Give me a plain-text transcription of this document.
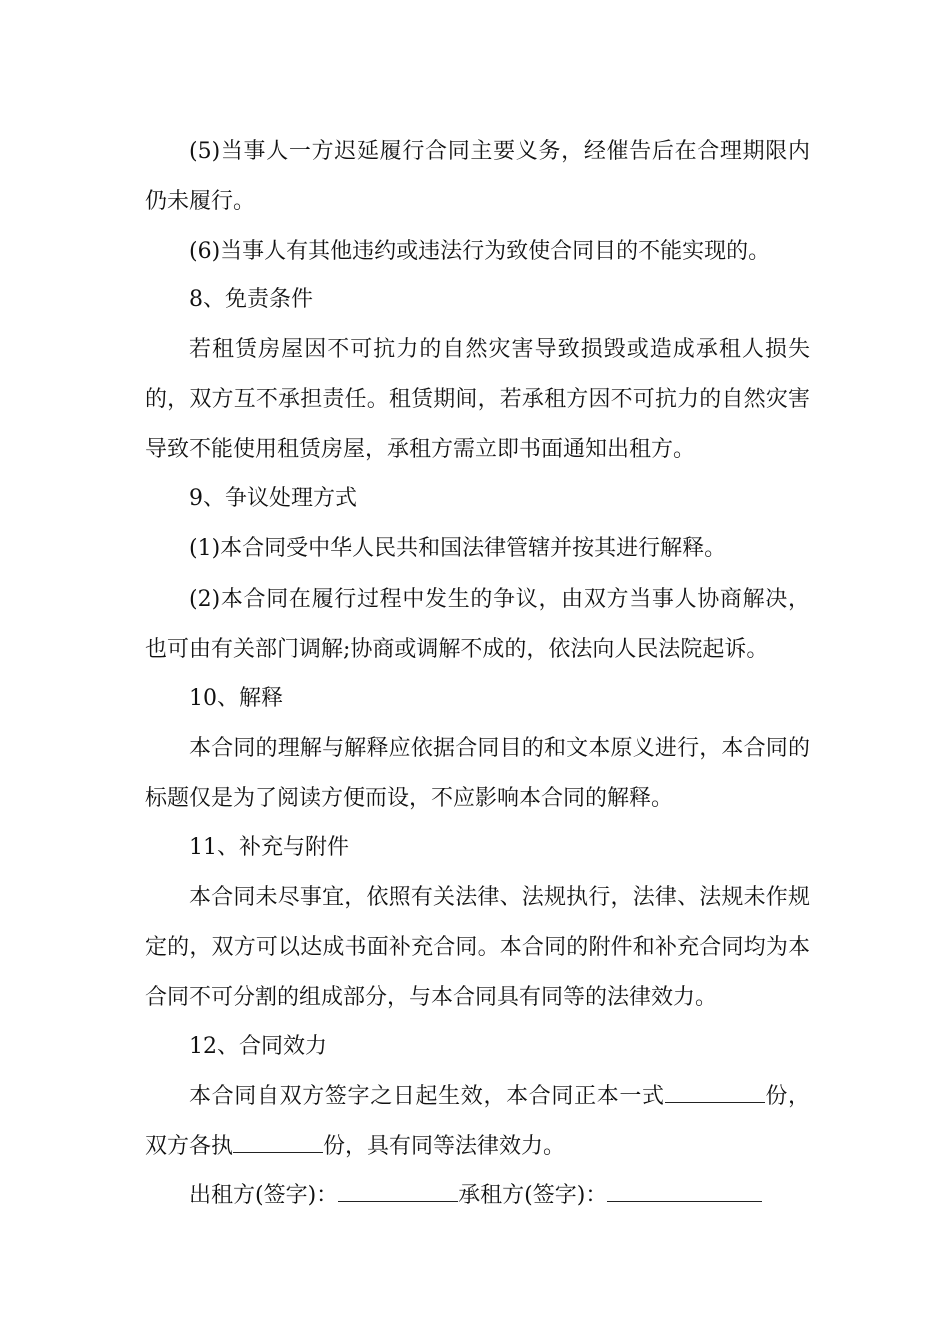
(5)当事人一方迟延履行合同主要义务，经催告后在合理期限内仍未履行。

(6)当事人有其他违约或违法行为致使合同目的不能实现的。

8、免责条件

若租赁房屋因不可抗力的自然灾害导致损毁或造成承租人损失的，双方互不承担责任。租赁期间，若承租方因不可抗力的自然灾害导致不能使用租赁房屋，承租方需立即书面通知出租方。

9、争议处理方式

(1)本合同受中华人民共和国法律管辖并按其进行解释。

(2)本合同在履行过程中发生的争议，由双方当事人协商解决，也可由有关部门调解;协商或调解不成的，依法向人民法院起诉。

10、解释

本合同的理解与解释应依据合同目的和文本原义进行，本合同的标题仅是为了阅读方便而设，不应影响本合同的解释。

11、补充与附件

本合同未尽事宜，依照有关法律、法规执行，法律、法规未作规定的，双方可以达成书面补充合同。本合同的附件和补充合同均为本合同不可分割的组成部分，与本合同具有同等的法律效力。

12、合同效力

本合同自双方签字之日起生效，本合同正本一式	份，双方各执	份，具有同等法律效力。

出租方(签字)：	承租方(签字)：
